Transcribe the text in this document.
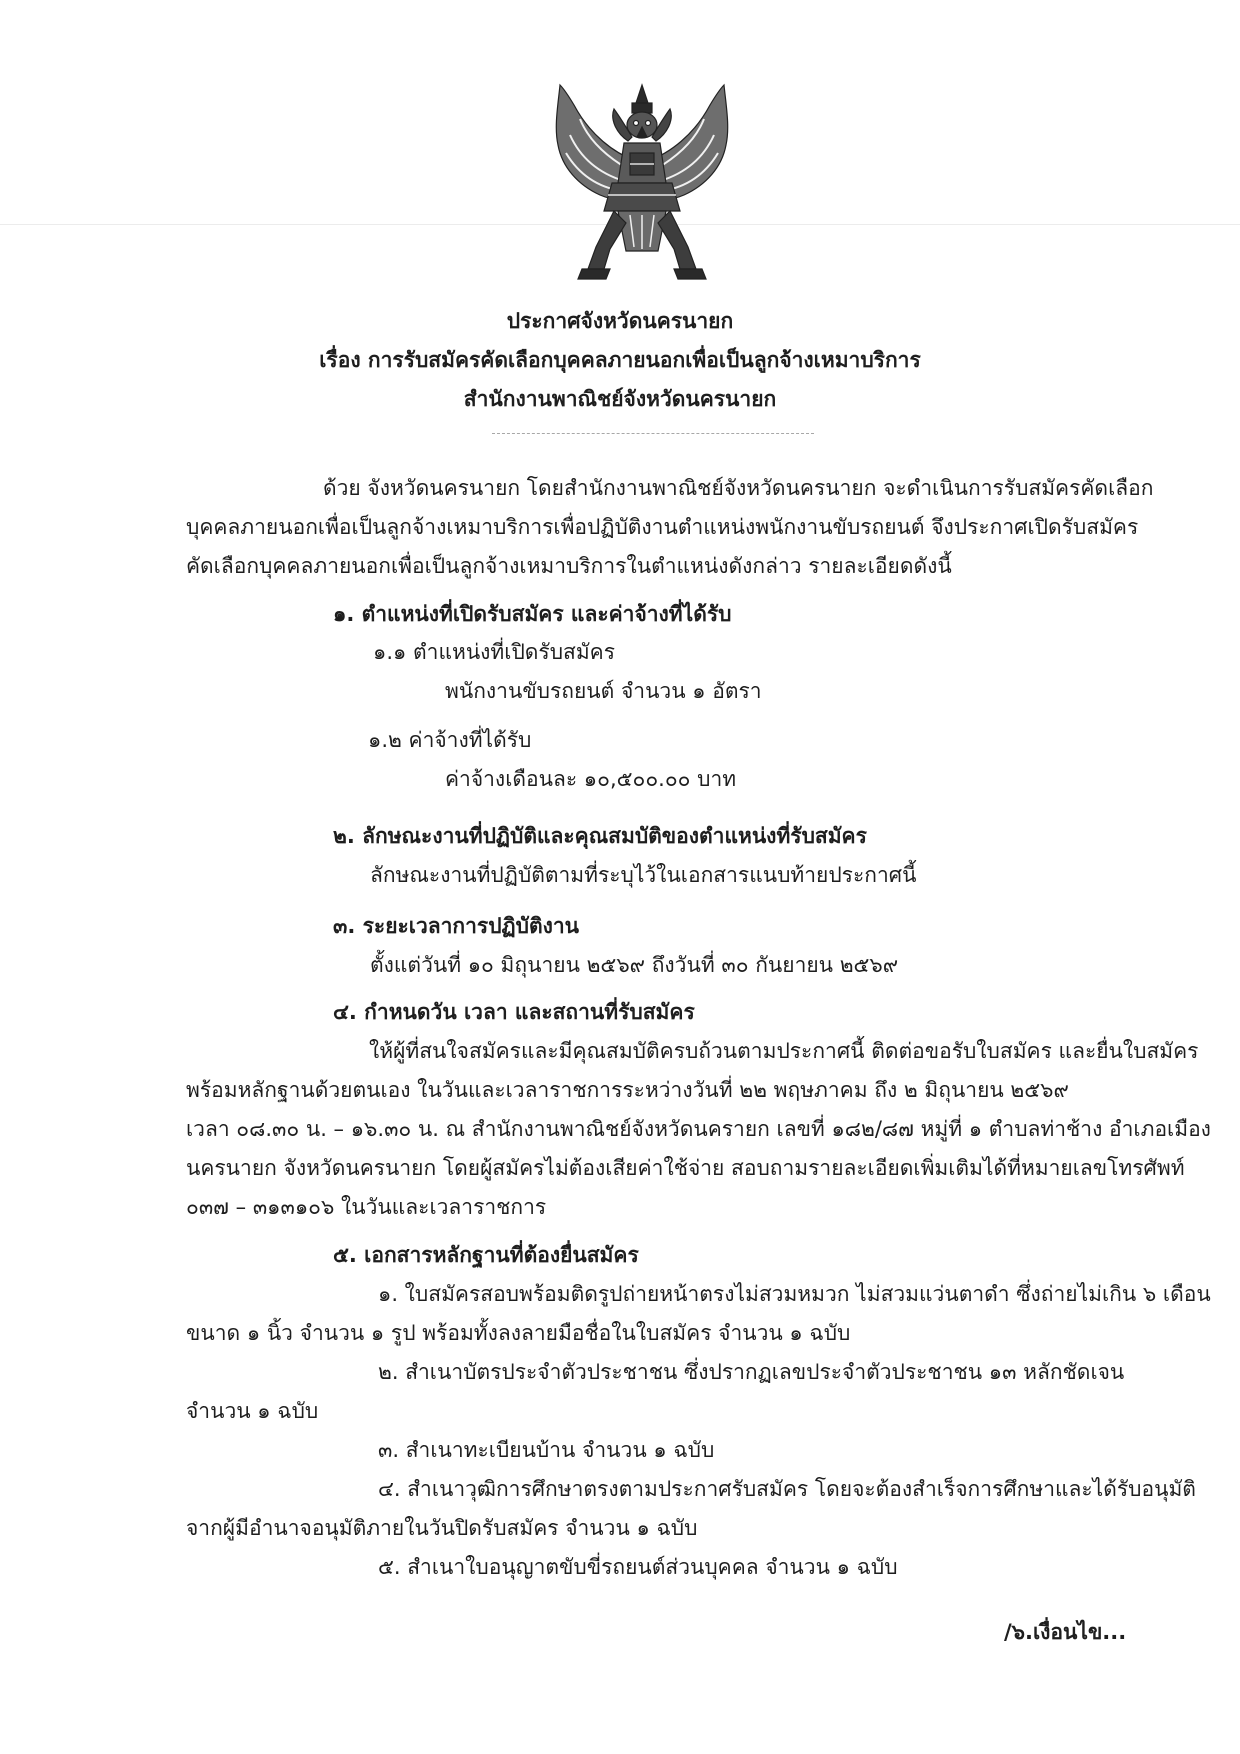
ประกาศจังหวัดนครนายก
เรื่อง การรับสมัครคัดเลือกบุคคลภายนอกเพื่อเป็นลูกจ้างเหมาบริการ
สำนักงานพาณิชย์จังหวัดนครนายก
ด้วย จังหวัดนครนายก โดยสำนักงานพาณิชย์จังหวัดนครนายก จะดำเนินการรับสมัครคัดเลือก
บุคคลภายนอกเพื่อเป็นลูกจ้างเหมาบริการเพื่อปฏิบัติงานตำแหน่งพนักงานขับรถยนต์ จึงประกาศเปิดรับสมัคร
คัดเลือกบุคคลภายนอกเพื่อเป็นลูกจ้างเหมาบริการในตำแหน่งดังกล่าว รายละเอียดดังนี้
๑. ตำแหน่งที่เปิดรับสมัคร และค่าจ้างที่ได้รับ
๑.๑ ตำแหน่งที่เปิดรับสมัคร
พนักงานขับรถยนต์ จำนวน ๑ อัตรา
๑.๒ ค่าจ้างที่ได้รับ
ค่าจ้างเดือนละ ๑๐,๕๐๐.๐๐ บาท
๒. ลักษณะงานที่ปฏิบัติและคุณสมบัติของตำแหน่งที่รับสมัคร
ลักษณะงานที่ปฏิบัติตามที่ระบุไว้ในเอกสารแนบท้ายประกาศนี้
๓. ระยะเวลาการปฏิบัติงาน
ตั้งแต่วันที่ ๑๐ มิถุนายน ๒๕๖๙ ถึงวันที่ ๓๐ กันยายน ๒๕๖๙
๔. กำหนดวัน เวลา และสถานที่รับสมัคร
ให้ผู้ที่สนใจสมัครและมีคุณสมบัติครบถ้วนตามประกาศนี้ ติดต่อขอรับใบสมัคร และยื่นใบสมัคร
พร้อมหลักฐานด้วยตนเอง ในวันและเวลาราชการระหว่างวันที่ ๒๒ พฤษภาคม ถึง ๒ มิถุนายน ๒๕๖๙
เวลา ๐๘.๓๐ น. – ๑๖.๓๐ น. ณ สำนักงานพาณิชย์จังหวัดนครายก เลขที่ ๑๘๒/๘๗ หมู่ที่ ๑ ตำบลท่าช้าง อำเภอเมือง
นครนายก จังหวัดนครนายก โดยผู้สมัครไม่ต้องเสียค่าใช้จ่าย สอบถามรายละเอียดเพิ่มเติมได้ที่หมายเลขโทรศัพท์
๐๓๗ – ๓๑๓๑๐๖ ในวันและเวลาราชการ
๕. เอกสารหลักฐานที่ต้องยื่นสมัคร
๑. ใบสมัครสอบพร้อมติดรูปถ่ายหน้าตรงไม่สวมหมวก ไม่สวมแว่นตาดำ ซึ่งถ่ายไม่เกิน ๖ เดือน
ขนาด ๑ นิ้ว จำนวน ๑ รูป พร้อมทั้งลงลายมือชื่อในใบสมัคร จำนวน ๑ ฉบับ
๒. สำเนาบัตรประจำตัวประชาชน ซึ่งปรากฏเลขประจำตัวประชาชน ๑๓ หลักชัดเจน
จำนวน ๑ ฉบับ
๓. สำเนาทะเบียนบ้าน จำนวน ๑ ฉบับ
๔. สำเนาวุฒิการศึกษาตรงตามประกาศรับสมัคร โดยจะต้องสำเร็จการศึกษาและได้รับอนุมัติ
จากผู้มีอำนาจอนุมัติภายในวันปิดรับสมัคร จำนวน ๑ ฉบับ
๕. สำเนาใบอนุญาตขับขี่รถยนต์ส่วนบุคคล จำนวน ๑ ฉบับ
/๖.เงื่อนไข...
